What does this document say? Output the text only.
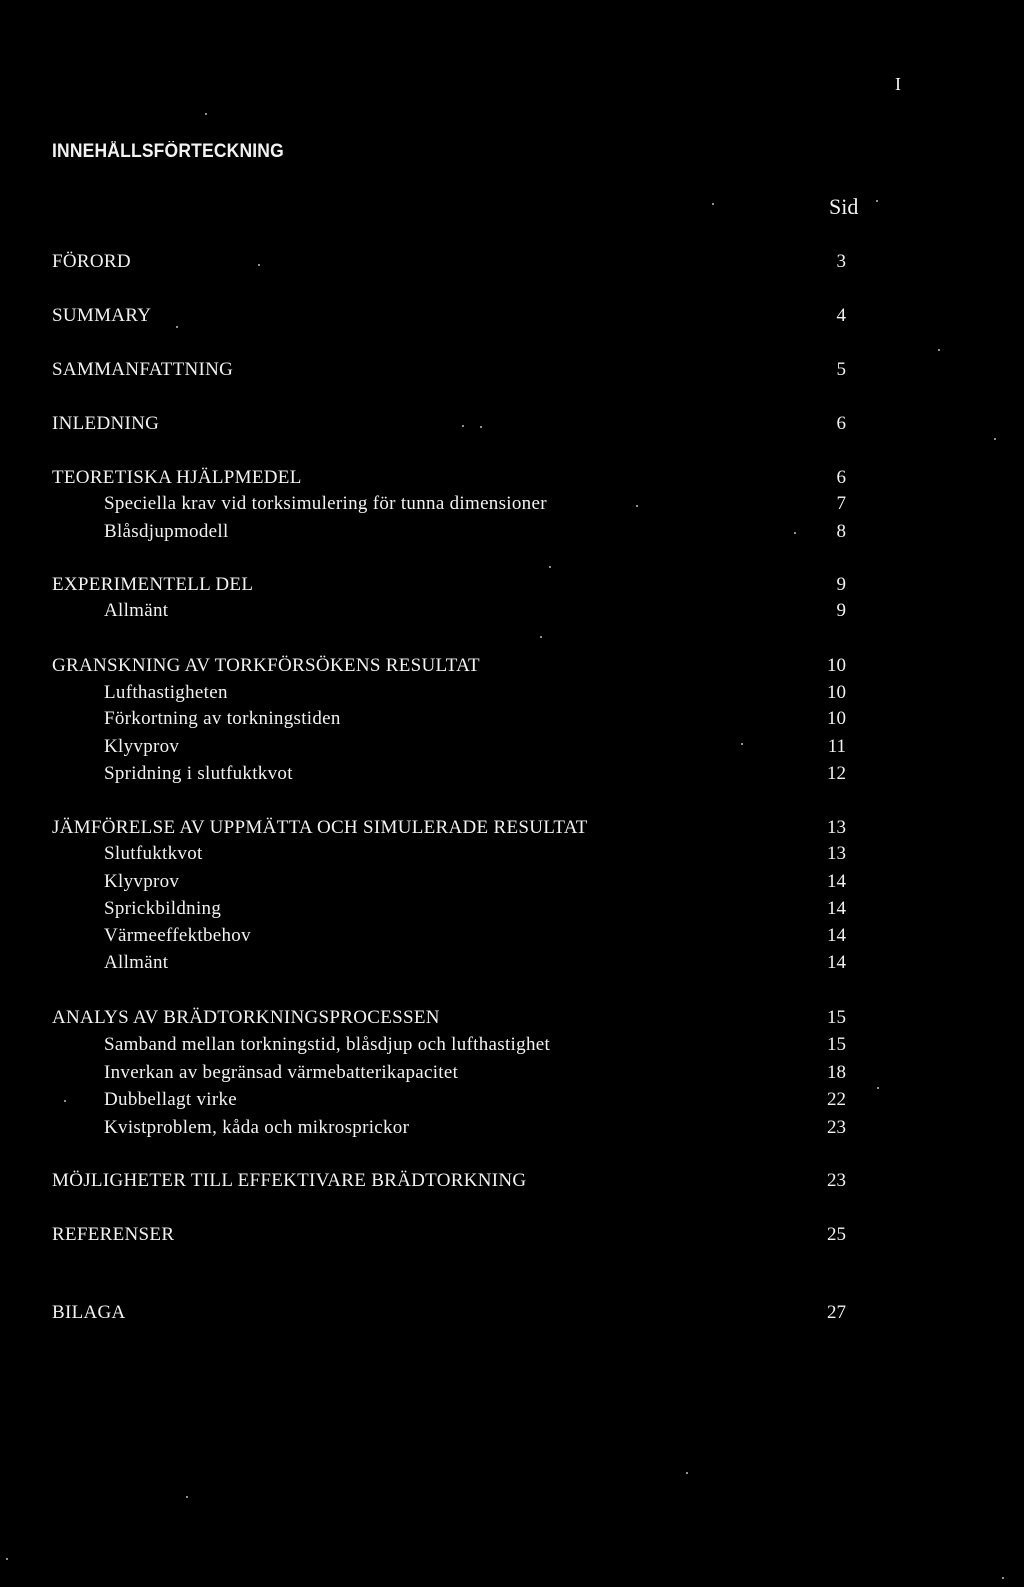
I
INNEHÅLLSFÖRTECKNING
Sid
FÖRORD	3
SUMMARY	4
SAMMANFATTNING	5
INLEDNING	6
TEORETISKA HJÄLPMEDEL	6
Speciella krav vid torksimulering för tunna dimensioner	7
Blåsdjupmodell	8
EXPERIMENTELL DEL	9
Allmänt	9
GRANSKNING AV TORKFÖRSÖKENS RESULTAT	10
Lufthastigheten	10
Förkortning av torkningstiden	10
Klyvprov	11
Spridning i slutfuktkvot	12
JÄMFÖRELSE AV UPPMÄTTA OCH SIMULERADE RESULTAT	13
Slutfuktkvot	13
Klyvprov	14
Sprickbildning	14
Värmeeffektbehov	14
Allmänt	14
ANALYS AV BRÄDTORKNINGSPROCESSEN	15
Samband mellan torkningstid, blåsdjup och lufthastighet	15
Inverkan av begränsad värmebatterikapacitet	18
Dubbellagt virke	22
Kvistproblem, kåda och mikrosprickor	23
MÖJLIGHETER TILL EFFEKTIVARE BRÄDTORKNING	23
REFERENSER	25
BILAGA	27
